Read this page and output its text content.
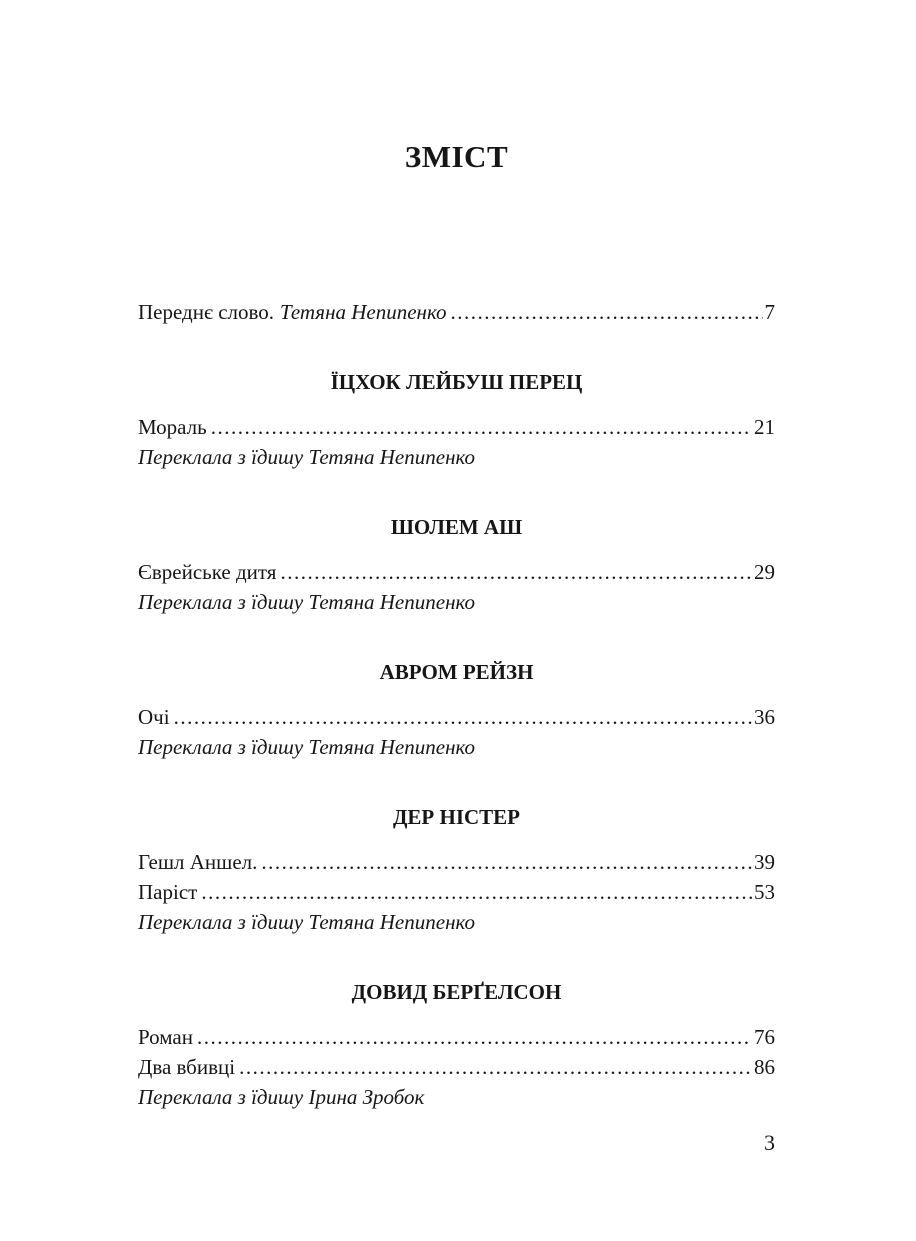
ЗМІСТ
Переднє слово. Тетяна Непипенко .....	7
ЇЦХОК ЛЕЙБУШ ПЕРЕЦ
Мораль .....	21
Переклала з їдишу Тетяна Непипенко
ШОЛЕМ АШ
Єврейське дитя .....	29
Переклала з їдишу Тетяна Непипенко
АВРОМ РЕЙЗН
Очі .....	36
Переклала з їдишу Тетяна Непипенко
ДЕР НІСТЕР
Гешл Аншел. .....	39
Паріст .....	53
Переклала з їдишу Тетяна Непипенко
ДОВИД БЕРҐЕЛСОН
Роман .....	76
Два вбивці .....	86
Переклала з їдишу Ірина Зробок
3
